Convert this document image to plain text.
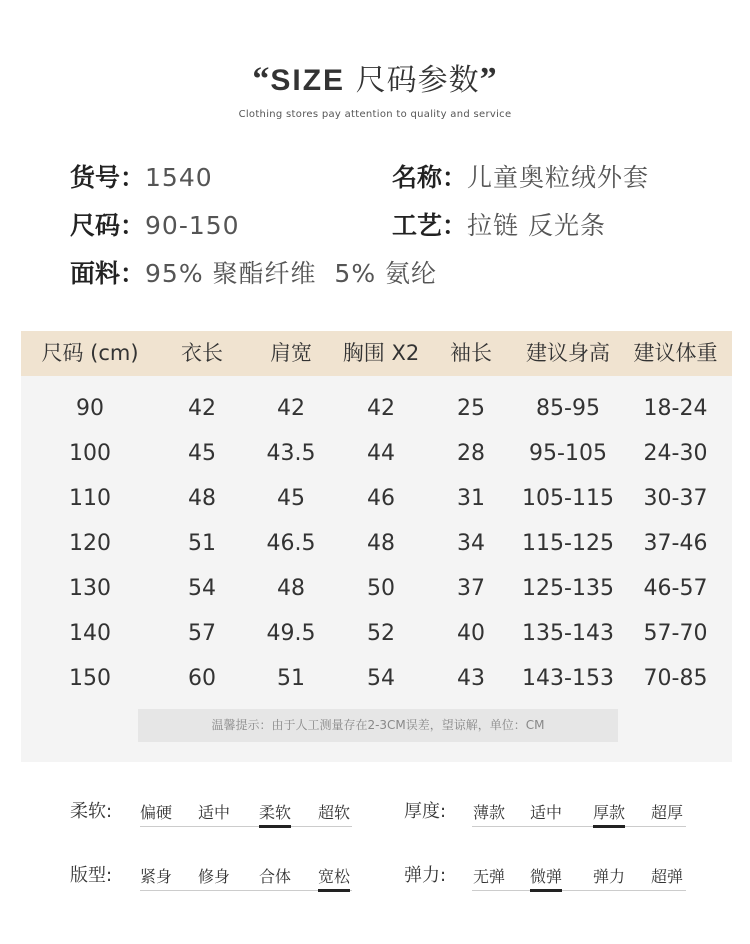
“SIZE 尺码参数”
Clothing stores pay attention to quality and service
货号：1540	名称：儿童奥粒绒外套
尺码：90-150	工艺：拉链 反光条
面料：95% 聚酯纤维  5% 氨纶
尺码 (cm)	衣长	肩宽	胸围 X2	袖长	建议身高	建议体重
90	42	42	42	25	85-95	18-24
100	45	43.5	44	28	95-105	24-30
110	48	45	46	31	105-115	30-37
120	51	46.5	48	34	115-125	37-46
130	54	48	50	37	125-135	46-57
140	57	49.5	52	40	135-143	57-70
150	60	51	54	43	143-153	70-85
温馨提示：由于人工测量存在2-3CM误差，望谅解，单位：CM
柔软: 偏硬 适中 柔软 超软	厚度: 薄款 适中 厚款 超厚
版型: 紧身 修身 合体 宽松	弹力: 无弹 微弹 弹力 超弹
